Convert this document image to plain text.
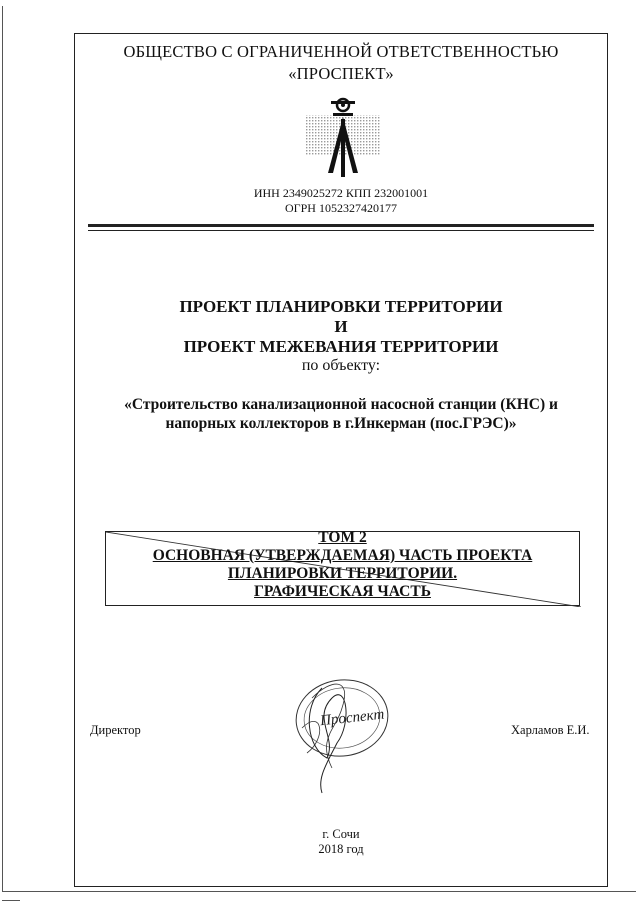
ОБЩЕСТВО С ОГРАНИЧЕННОЙ ОТВЕТСТВЕННОСТЬЮ
«ПРОСПЕКТ»
ИНН 2349025272 КПП 232001001
ОГРН 1052327420177
ПРОЕКТ ПЛАНИРОВКИ ТЕРРИТОРИИ
И
ПРОЕКТ МЕЖЕВАНИЯ ТЕРРИТОРИИ
по объекту:
«Строительство канализационной насосной станции (КНС) и
напорных коллекторов в г.Инкерман (пос.ГРЭС)»
ТОМ 2
ОСНОВНАЯ (УТВЕРЖДАЕМАЯ) ЧАСТЬ ПРОЕКТА
ПЛАНИРОВКИ ТЕРРИТОРИИ.
ГРАФИЧЕСКАЯ ЧАСТЬ
Директор	Харламов Е.И.
Проспект
г. Сочи
2018 год
